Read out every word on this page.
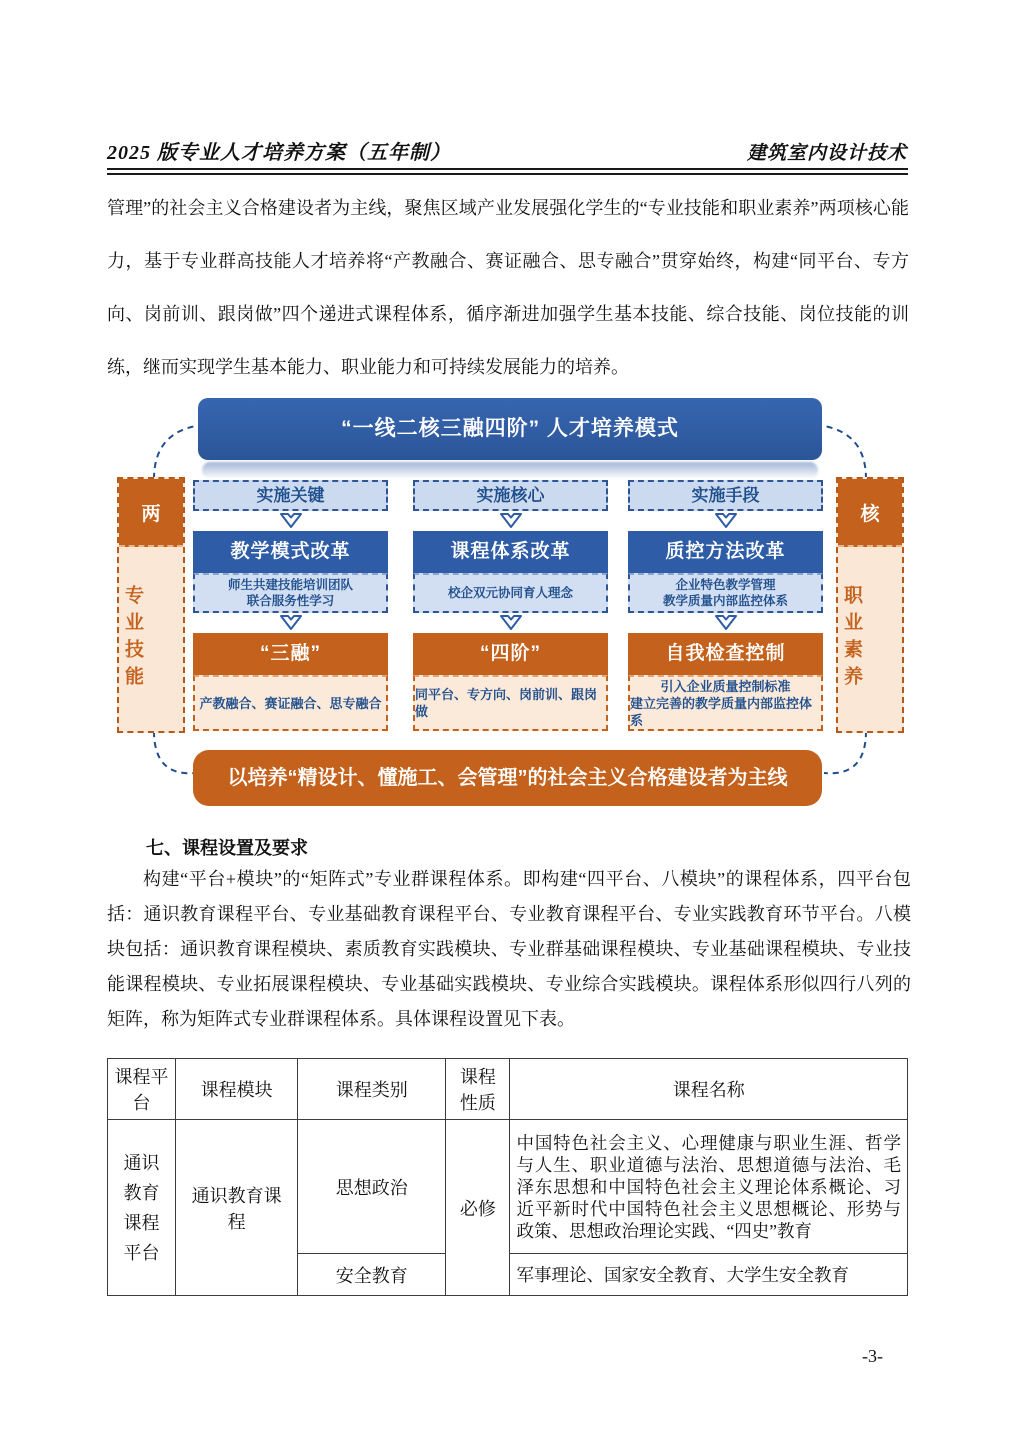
2025 版专业人才培养方案（五年制）	建筑室内设计技术
管理”的社会主义合格建设者为主线，聚焦区域产业发展强化学生的“专业技能和职业素养”两项核心能力，基于专业群高技能人才培养将“产教融合、赛证融合、思专融合”贯穿始终，构建“同平台、专方向、岗前训、跟岗做”四个递进式课程体系，循序渐进加强学生基本技能、综合技能、岗位技能的训练，继而实现学生基本能力、职业能力和可持续发展能力的培养。
“一线二核三融四阶” 人才培养模式
两
专业技能
核
职业素养
实施关键
教学模式改革
师生共建技能培训团队
联合服务性学习
“三融”
产教融合、赛证融合、思专融合
实施核心
课程体系改革
校企双元协同育人理念
“四阶”
同平台、专方向、岗前训、跟岗做
实施手段
质控方法改革
企业特色教学管理
教学质量内部监控体系
自我检查控制
引入企业质量控制标准
建立完善的教学质量内部监控体系
以培养“精设计、懂施工、会管理”的社会主义合格建设者为主线
七、课程设置及要求
构建“平台+模块”的“矩阵式”专业群课程体系。即构建“四平台、八模块”的课程体系，四平台包括：通识教育课程平台、专业基础教育课程平台、专业教育课程平台、专业实践教育环节平台。八模块包括：通识教育课程模块、素质教育实践模块、专业群基础课程模块、专业基础课程模块、专业技能课程模块、专业拓展课程模块、专业基础实践模块、专业综合实践模块。课程体系形似四行八列的矩阵，称为矩阵式专业群课程体系。具体课程设置见下表。
课程平台	课程模块	课程类别	课程性质	课程名称
通识教育课程平台	通识教育课程	思想政治	必修	中国特色社会主义、心理健康与职业生涯、哲学与人生、职业道德与法治、思想道德与法治、毛泽东思想和中国特色社会主义理论体系概论、习近平新时代中国特色社会主义思想概论、形势与政策、思想政治理论实践、“四史”教育
		安全教育		军事理论、国家安全教育、大学生安全教育
-3-
